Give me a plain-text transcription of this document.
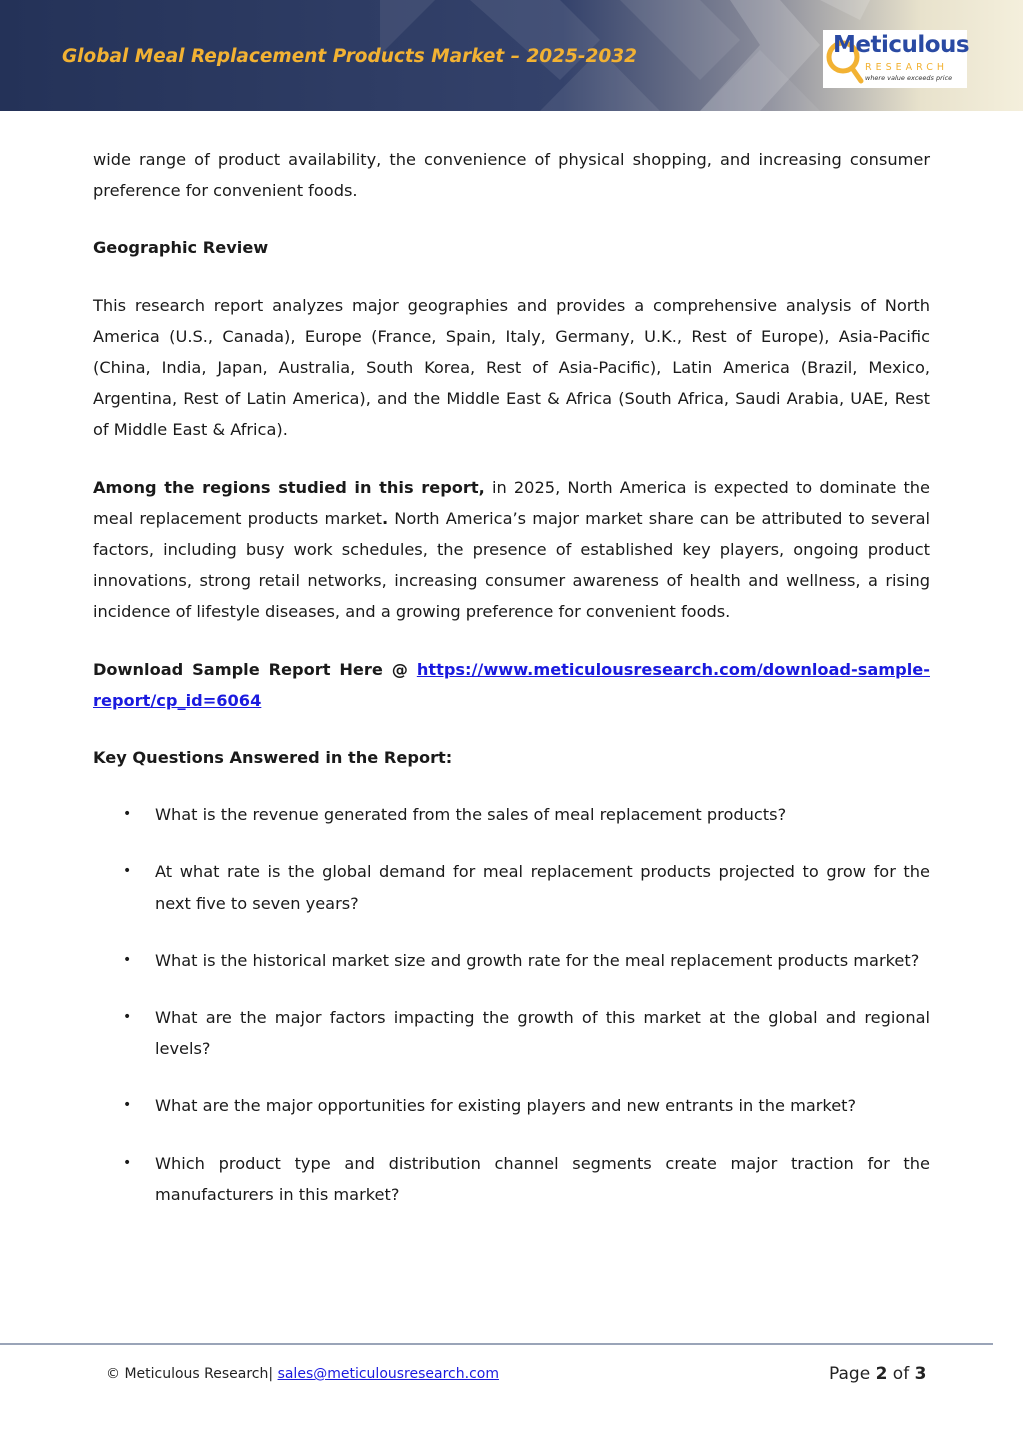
Global Meal Replacement Products Market – 2025-2032	Meticulous
RESEARCH
where value exceeds price

wide range of product availability, the convenience of physical shopping, and increasing consumer preference for convenient foods.

Geographic Review

This research report analyzes major geographies and provides a comprehensive analysis of North America (U.S., Canada), Europe (France, Spain, Italy, Germany, U.K., Rest of Europe), Asia-Pacific (China, India, Japan, Australia, South Korea, Rest of Asia-Pacific), Latin America (Brazil, Mexico, Argentina, Rest of Latin America), and the Middle East & Africa (South Africa, Saudi Arabia, UAE, Rest of Middle East & Africa).

Among the regions studied in this report, in 2025, North America is expected to dominate the meal replacement products market. North America’s major market share can be attributed to several factors, including busy work schedules, the presence of established key players, ongoing product innovations, strong retail networks, increasing consumer awareness of health and wellness, a rising incidence of lifestyle diseases, and a growing preference for convenient foods.

Download Sample Report Here @ https://www.meticulousresearch.com/download-sample-report/cp_id=6064

Key Questions Answered in the Report:

• What is the revenue generated from the sales of meal replacement products?
• At what rate is the global demand for meal replacement products projected to grow for the next five to seven years?
• What is the historical market size and growth rate for the meal replacement products market?
• What are the major factors impacting the growth of this market at the global and regional levels?
• What are the major opportunities for existing players and new entrants in the market?
• Which product type and distribution channel segments create major traction for the manufacturers in this market?
© Meticulous Research| sales@meticulousresearch.com	Page 2 of 3
